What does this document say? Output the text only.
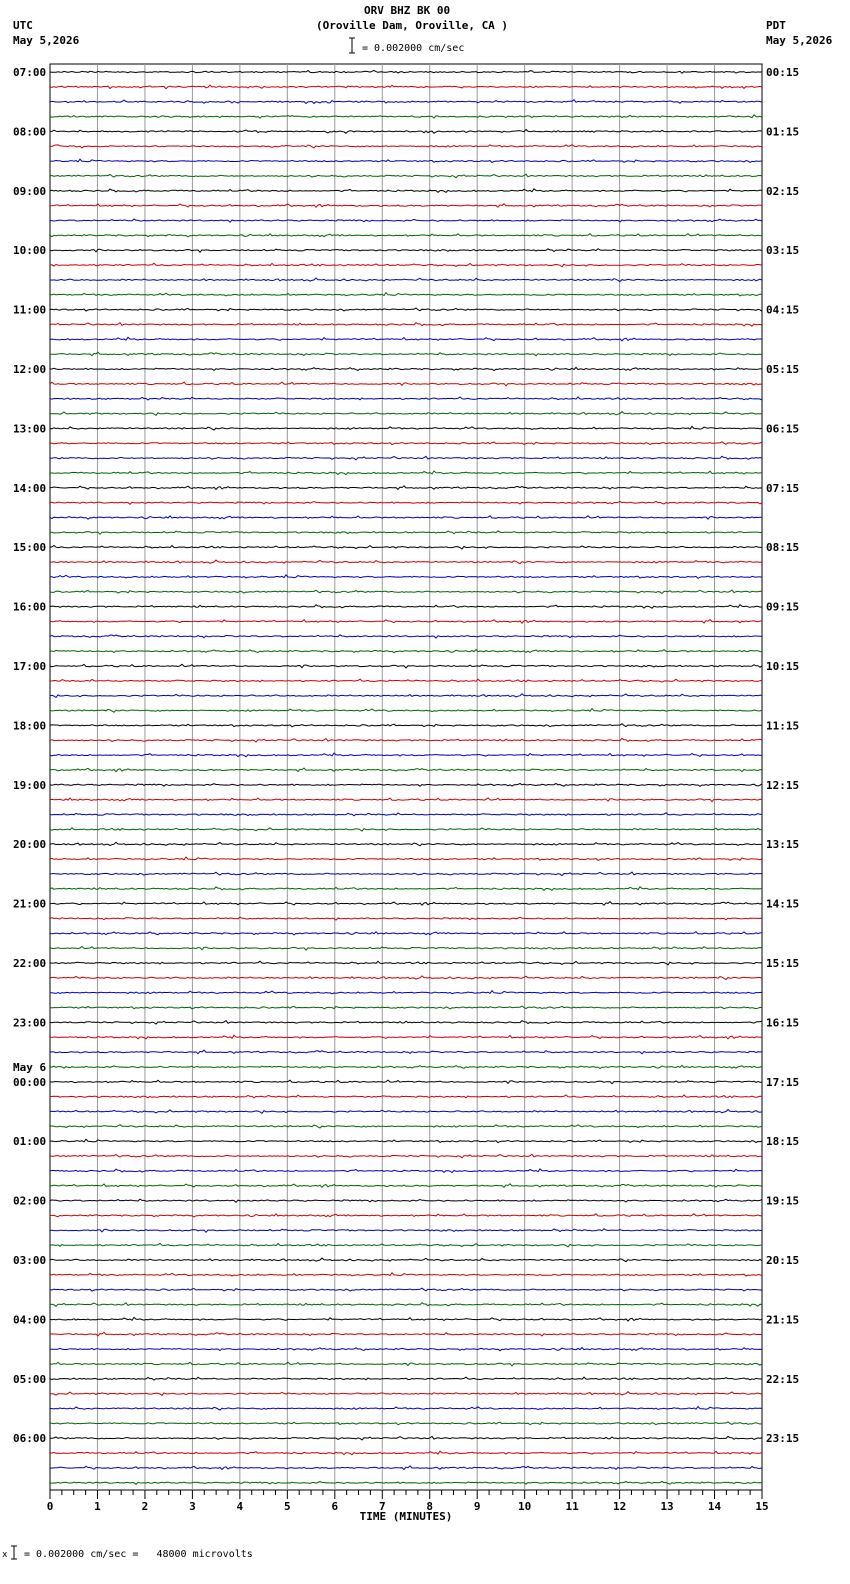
ORV BHZ BK 00
(Oroville Dam, Oroville, CA )
UTC
May 5,2026
PDT
May 5,2026
= 0.002000 cm/sec
x = 0.002000 cm/sec =   48000 microvolts
0	1	2	3	4	5	6	7	8	9	10	11	12	13	14	15
TIME (MINUTES)
07:00
08:00
09:00
10:00
11:00
12:00
13:00
14:00
15:00
16:00
17:00
18:00
19:00
20:00
21:00
22:00
23:00
00:00
May 6
01:00
02:00
03:00
04:00
05:00
06:00
00:15
01:15
02:15
03:15
04:15
05:15
06:15
07:15
08:15
09:15
10:15
11:15
12:15
13:15
14:15
15:15
16:15
17:15
18:15
19:15
20:15
21:15
22:15
23:15
